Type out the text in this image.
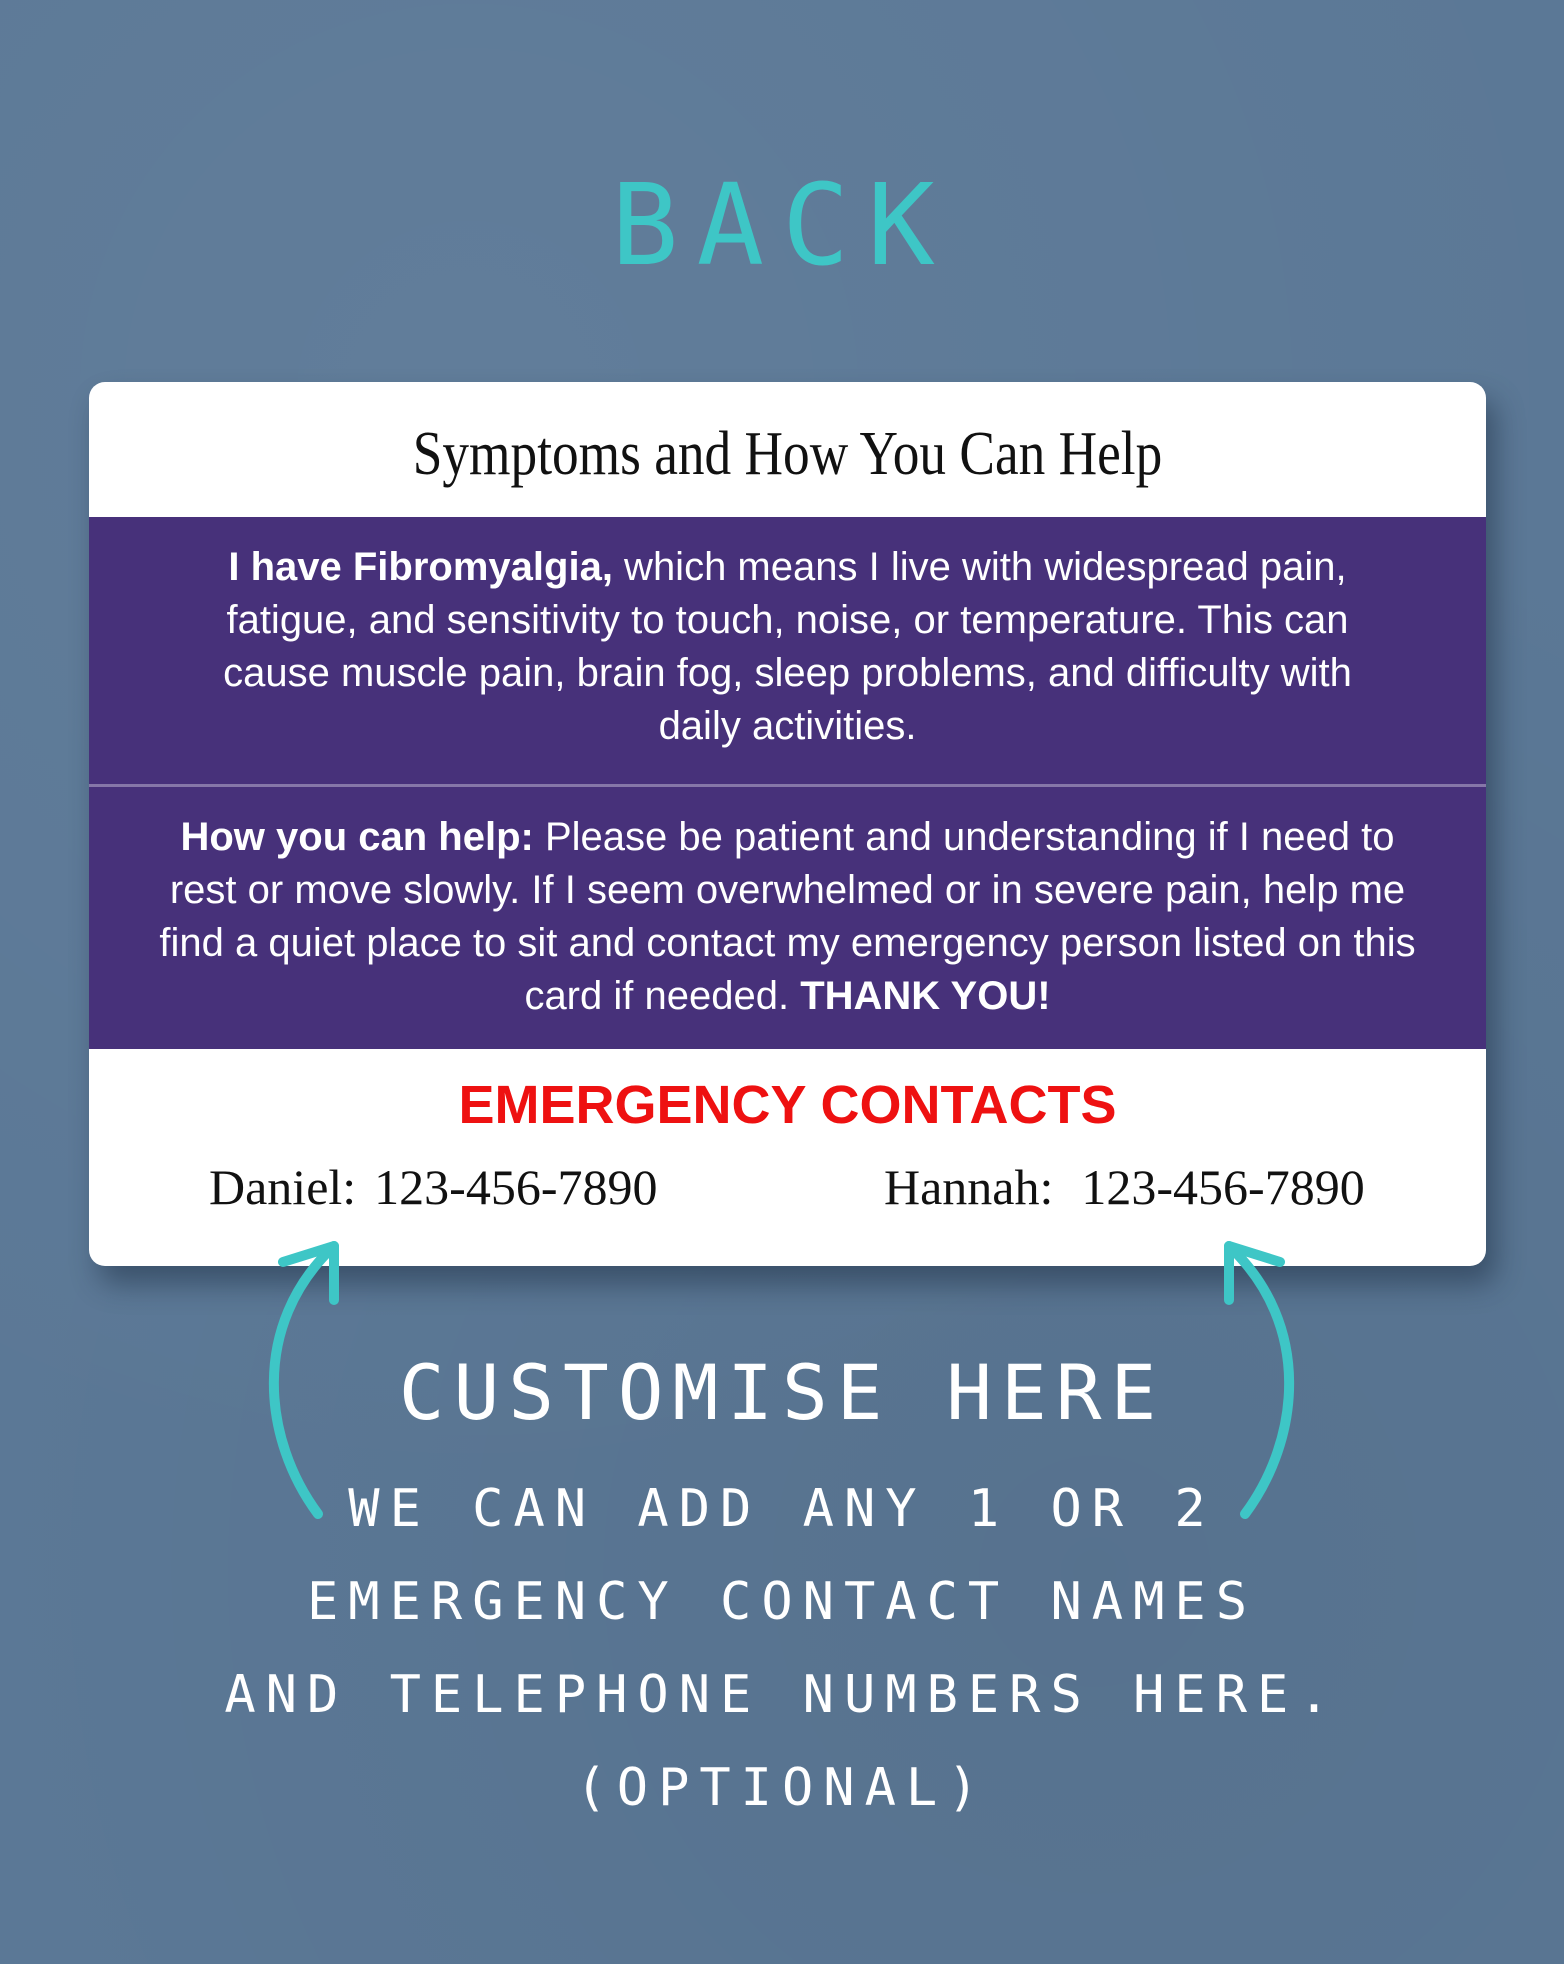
BACK
Symptoms and How You Can Help
I have Fibromyalgia, which means I live with widespread pain, fatigue, and sensitivity to touch, noise, or temperature. This can cause muscle pain, brain fog, sleep problems, and difficulty with daily activities.
How you can help: Please be patient and understanding if I need to rest or move slowly. If I seem overwhelmed or in severe pain, help me find a quiet place to sit and contact my emergency person listed on this card if needed. THANK YOU!
EMERGENCY CONTACTS
Daniel: 123-456-7890	Hannah: 123-456-7890
CUSTOMISE HERE
WE CAN ADD ANY 1 OR 2
EMERGENCY CONTACT NAMES
AND TELEPHONE NUMBERS HERE.
(OPTIONAL)
